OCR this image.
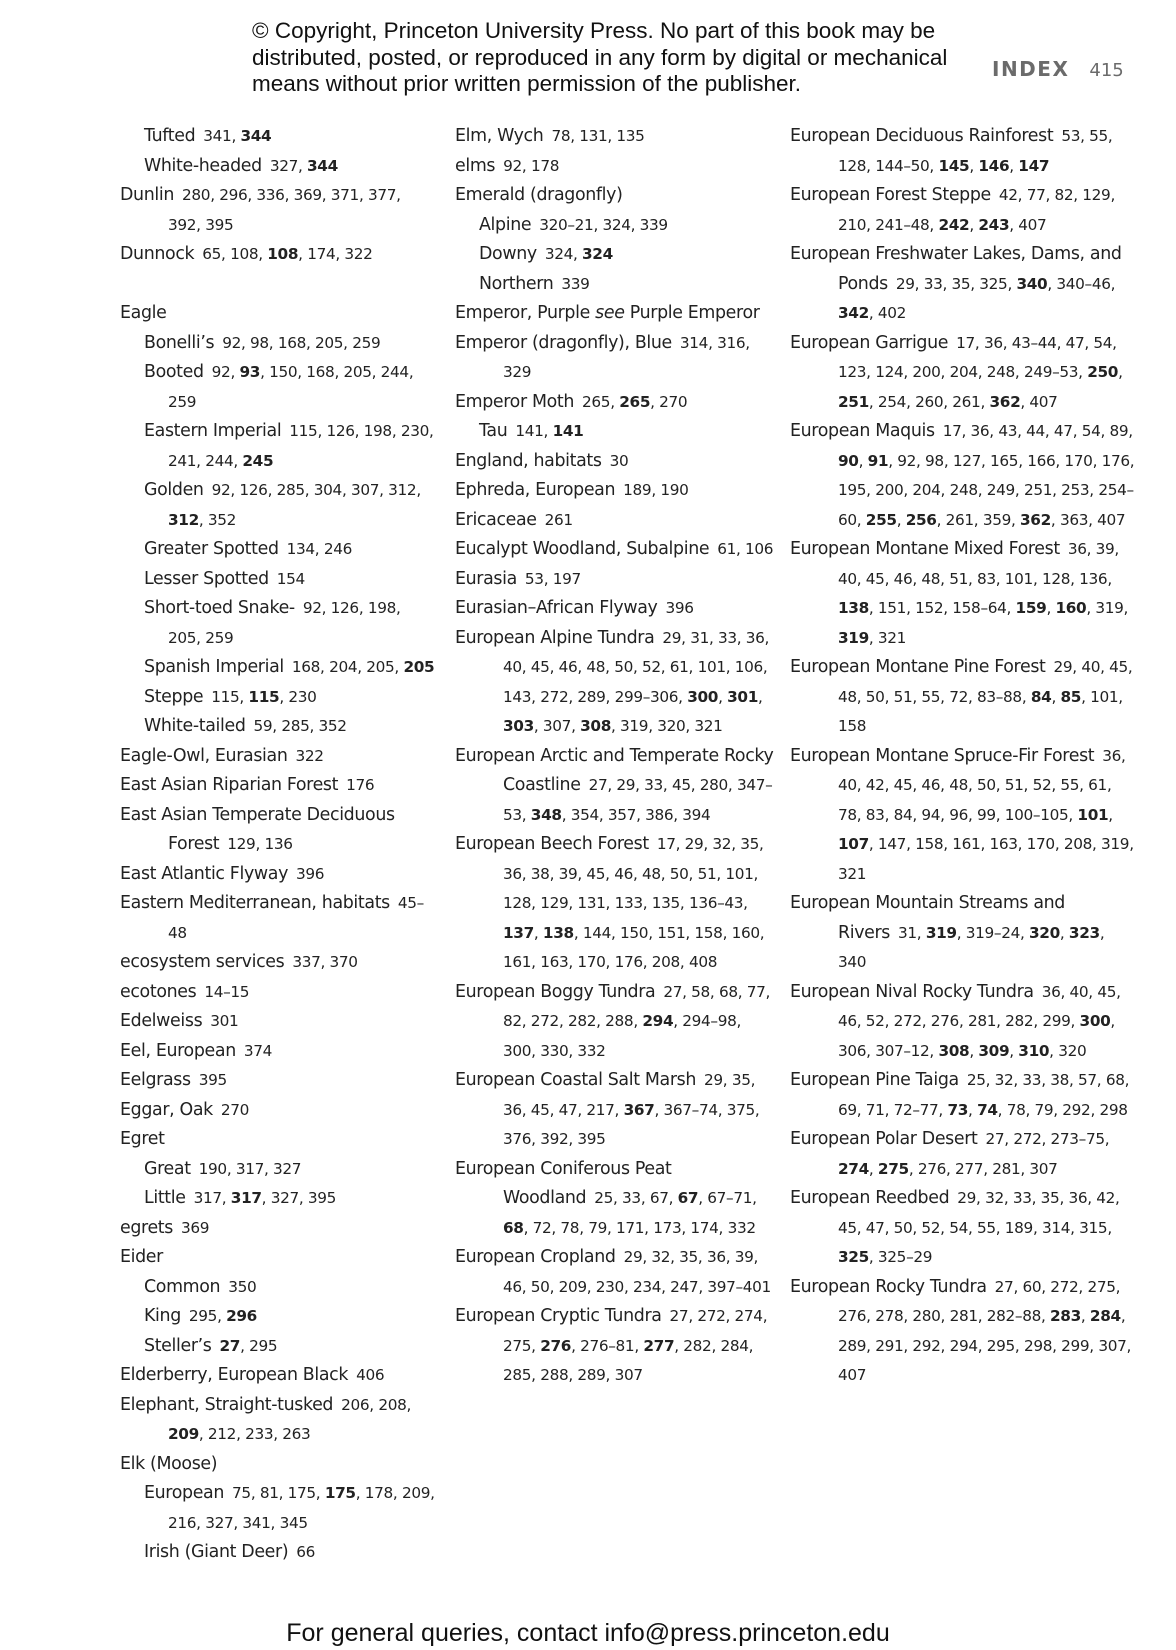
© Copyright, Princeton University Press. No part of this book may be distributed, posted, or reproduced in any form by digital or mechanical means without prior written permission of the publisher.
INDEX 415
Tufted 341, 344
White-headed 327, 344
Dunlin 280, 296, 336, 369, 371, 377, 392, 395
Dunnock 65, 108, 108, 174, 322
Eagle
Bonelli’s 92, 98, 168, 205, 259
Booted 92, 93, 150, 168, 205, 244, 259
Eastern Imperial 115, 126, 198, 230, 241, 244, 245
Golden 92, 126, 285, 304, 307, 312, 312, 352
Greater Spotted 134, 246
Lesser Spotted 154
Short-toed Snake- 92, 126, 198, 205, 259
Spanish Imperial 168, 204, 205, 205
Steppe 115, 115, 230
White-tailed 59, 285, 352
Eagle-Owl, Eurasian 322
East Asian Riparian Forest 176
East Asian Temperate Deciduous Forest 129, 136
East Atlantic Flyway 396
Eastern Mediterranean, habitats 45–48
ecosystem services 337, 370
ecotones 14–15
Edelweiss 301
Eel, European 374
Eelgrass 395
Eggar, Oak 270
Egret
Great 190, 317, 327
Little 317, 317, 327, 395
egrets 369
Eider
Common 350
King 295, 296
Steller’s 27, 295
Elderberry, European Black 406
Elephant, Straight-tusked 206, 208, 209, 212, 233, 263
Elk (Moose)
European 75, 81, 175, 175, 178, 209, 216, 327, 341, 345
Irish (Giant Deer) 66
Elm, Wych 78, 131, 135
elms 92, 178
Emerald (dragonfly)
Alpine 320–21, 324, 339
Downy 324, 324
Northern 339
Emperor, Purple see Purple Emperor
Emperor (dragonfly), Blue 314, 316, 329
Emperor Moth 265, 265, 270
Tau 141, 141
England, habitats 30
Ephreda, European 189, 190
Ericaceae 261
Eucalypt Woodland, Subalpine 61, 106
Eurasia 53, 197
Eurasian–African Flyway 396
European Alpine Tundra 29, 31, 33, 36, 40, 45, 46, 48, 50, 52, 61, 101, 106, 143, 272, 289, 299–306, 300, 301, 303, 307, 308, 319, 320, 321
European Arctic and Temperate Rocky Coastline 27, 29, 33, 45, 280, 347–53, 348, 354, 357, 386, 394
European Beech Forest 17, 29, 32, 35, 36, 38, 39, 45, 46, 48, 50, 51, 101, 128, 129, 131, 133, 135, 136–43, 137, 138, 144, 150, 151, 158, 160, 161, 163, 170, 176, 208, 408
European Boggy Tundra 27, 58, 68, 77, 82, 272, 282, 288, 294, 294–98, 300, 330, 332
European Coastal Salt Marsh 29, 35, 36, 45, 47, 217, 367, 367–74, 375, 376, 392, 395
European Coniferous Peat Woodland 25, 33, 67, 67, 67–71, 68, 72, 78, 79, 171, 173, 174, 332
European Cropland 29, 32, 35, 36, 39, 46, 50, 209, 230, 234, 247, 397–401
European Cryptic Tundra 27, 272, 274, 275, 276, 276–81, 277, 282, 284, 285, 288, 289, 307
European Deciduous Rainforest 53, 55, 128, 144–50, 145, 146, 147
European Forest Steppe 42, 77, 82, 129, 210, 241–48, 242, 243, 407
European Freshwater Lakes, Dams, and Ponds 29, 33, 35, 325, 340, 340–46, 342, 402
European Garrigue 17, 36, 43–44, 47, 54, 123, 124, 200, 204, 248, 249–53, 250, 251, 254, 260, 261, 362, 407
European Maquis 17, 36, 43, 44, 47, 54, 89, 90, 91, 92, 98, 127, 165, 166, 170, 176, 195, 200, 204, 248, 249, 251, 253, 254–60, 255, 256, 261, 359, 362, 363, 407
European Montane Mixed Forest 36, 39, 40, 45, 46, 48, 51, 83, 101, 128, 136, 138, 151, 152, 158–64, 159, 160, 319, 319, 321
European Montane Pine Forest 29, 40, 45, 48, 50, 51, 55, 72, 83–88, 84, 85, 101, 158
European Montane Spruce-Fir Forest 36, 40, 42, 45, 46, 48, 50, 51, 52, 55, 61, 78, 83, 84, 94, 96, 99, 100–105, 101, 107, 147, 158, 161, 163, 170, 208, 319, 321
European Mountain Streams and Rivers 31, 319, 319–24, 320, 323, 340
European Nival Rocky Tundra 36, 40, 45, 46, 52, 272, 276, 281, 282, 299, 300, 306, 307–12, 308, 309, 310, 320
European Pine Taiga 25, 32, 33, 38, 57, 68, 69, 71, 72–77, 73, 74, 78, 79, 292, 298
European Polar Desert 27, 272, 273–75, 274, 275, 276, 277, 281, 307
European Reedbed 29, 32, 33, 35, 36, 42, 45, 47, 50, 52, 54, 55, 189, 314, 315, 325, 325–29
European Rocky Tundra 27, 60, 272, 275, 276, 278, 280, 281, 282–88, 283, 284, 289, 291, 292, 294, 295, 298, 299, 307, 407
For general queries, contact info@press.princeton.edu
